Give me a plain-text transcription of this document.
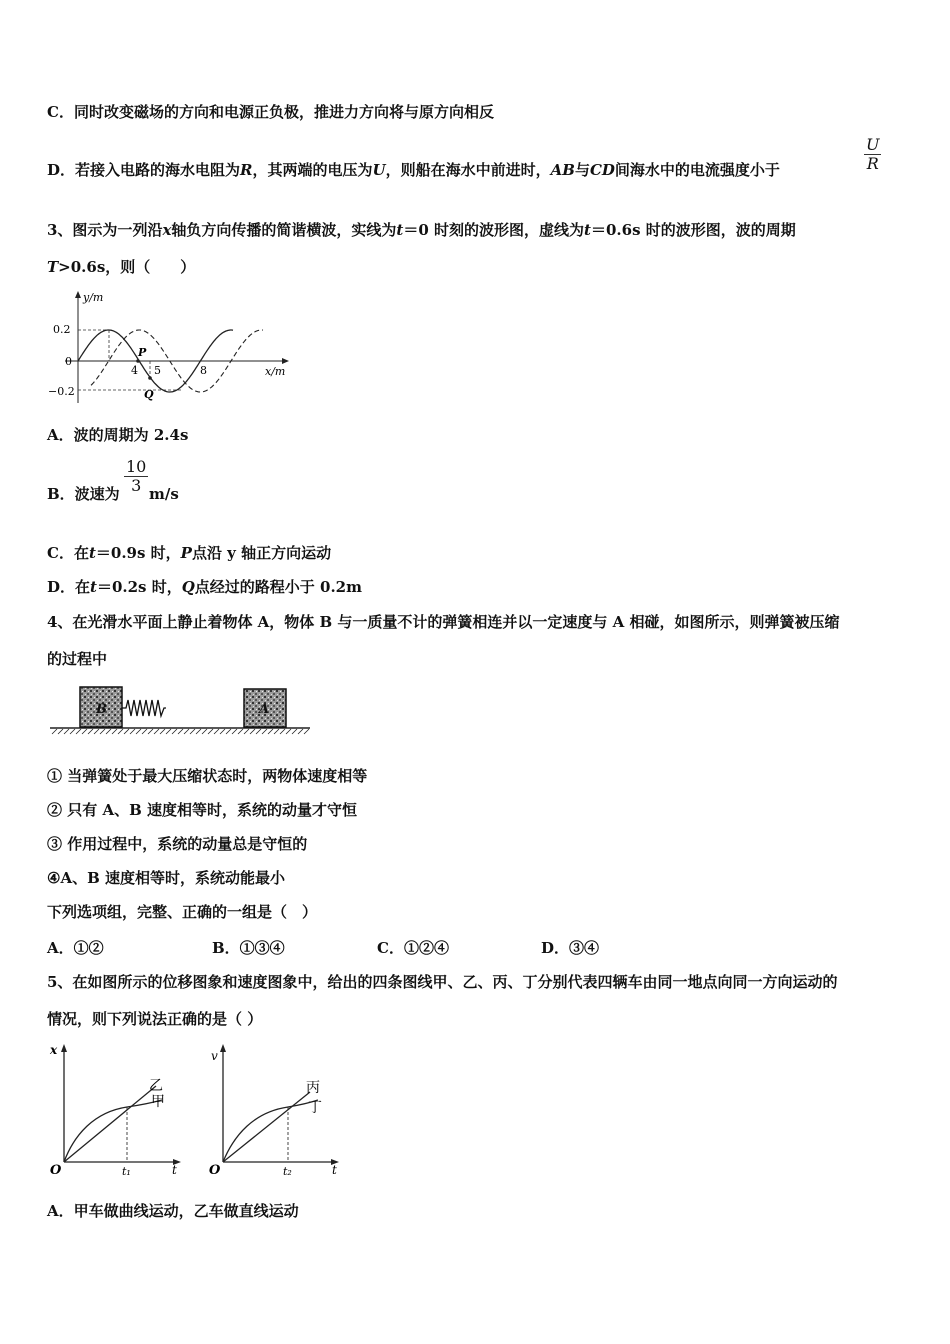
C．同时改变磁场的方向和电源正负极，推进力方向将与原方向相反
D．若接入电路的海水电阻为R，其两端的电压为U，则船在海水中前进时，AB与CD间海水中的电流强度小于	$\frac{U}{R}$
3、图示为一列沿x轴负方向传播的简谐横波，实线为t＝0 时刻的波形图，虚线为t＝0.6s 时的波形图，波的周期
T>0.6s，则（　　）
y/m
x/m
0.2
0
−0.2
P
Q
4 5	8
A．波的周期为 2.4s
B．波速为 $\frac{10}{3} m/s$
C．在t＝0.9s 时，P点沿 y 轴正方向运动
D．在t＝0.2s 时，Q点经过的路程小于 0.2m
4、在光滑水平面上静止着物体 A，物体 B 与一质量不计的弹簧相连并以一定速度与 A 相碰，如图所示，则弹簧被压缩
的过程中
B	A
① 当弹簧处于最大压缩状态时，两物体速度相等
② 只有 A、B 速度相等时，系统的动量才守恒
③ 作用过程中，系统的动量总是守恒的
④A、B 速度相等时，系统动能最小
下列选项组，完整、正确的一组是（　）
A．①②	B．①③④	C．①②④	D．③④
5、在如图所示的位移图象和速度图象中，给出的四条图线甲、乙、丙、丁分别代表四辆车由同一地点向同一方向运动的
情况，则下列说法正确的是（ ）
x
t
O	t₁
乙
甲
v
t
O	t₂
丙
丁
A．甲车做曲线运动，乙车做直线运动
